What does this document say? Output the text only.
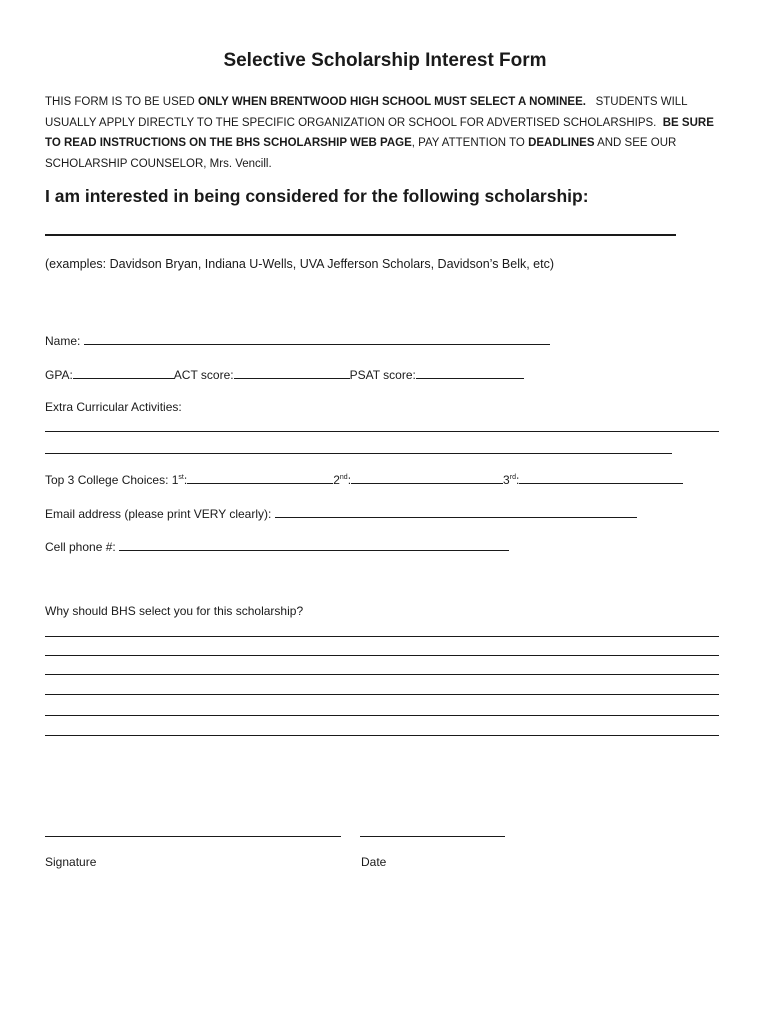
Selective Scholarship Interest Form
THIS FORM IS TO BE USED ONLY WHEN BRENTWOOD HIGH SCHOOL MUST SELECT A NOMINEE.   STUDENTS WILL USUALLY APPLY DIRECTLY TO THE SPECIFIC ORGANIZATION OR SCHOOL FOR ADVERTISED SCHOLARSHIPS.  BE SURE TO READ INSTRUCTIONS ON THE BHS SCHOLARSHIP WEB PAGE, PAY ATTENTION TO DEADLINES AND SEE OUR SCHOLARSHIP COUNSELOR, Mrs. Vencill.
I am interested in being considered for the following scholarship:
(examples: Davidson Bryan, Indiana U-Wells, UVA Jefferson Scholars, Davidson’s Belk, etc)
Name:
GPA:	ACT score:	PSAT score:
Extra Curricular Activities:
Top 3 College Choices: 1st:	2nd:	3rd:
Email address (please print VERY clearly):
Cell phone #:
Why should BHS select you for this scholarship?
Signature	Date
